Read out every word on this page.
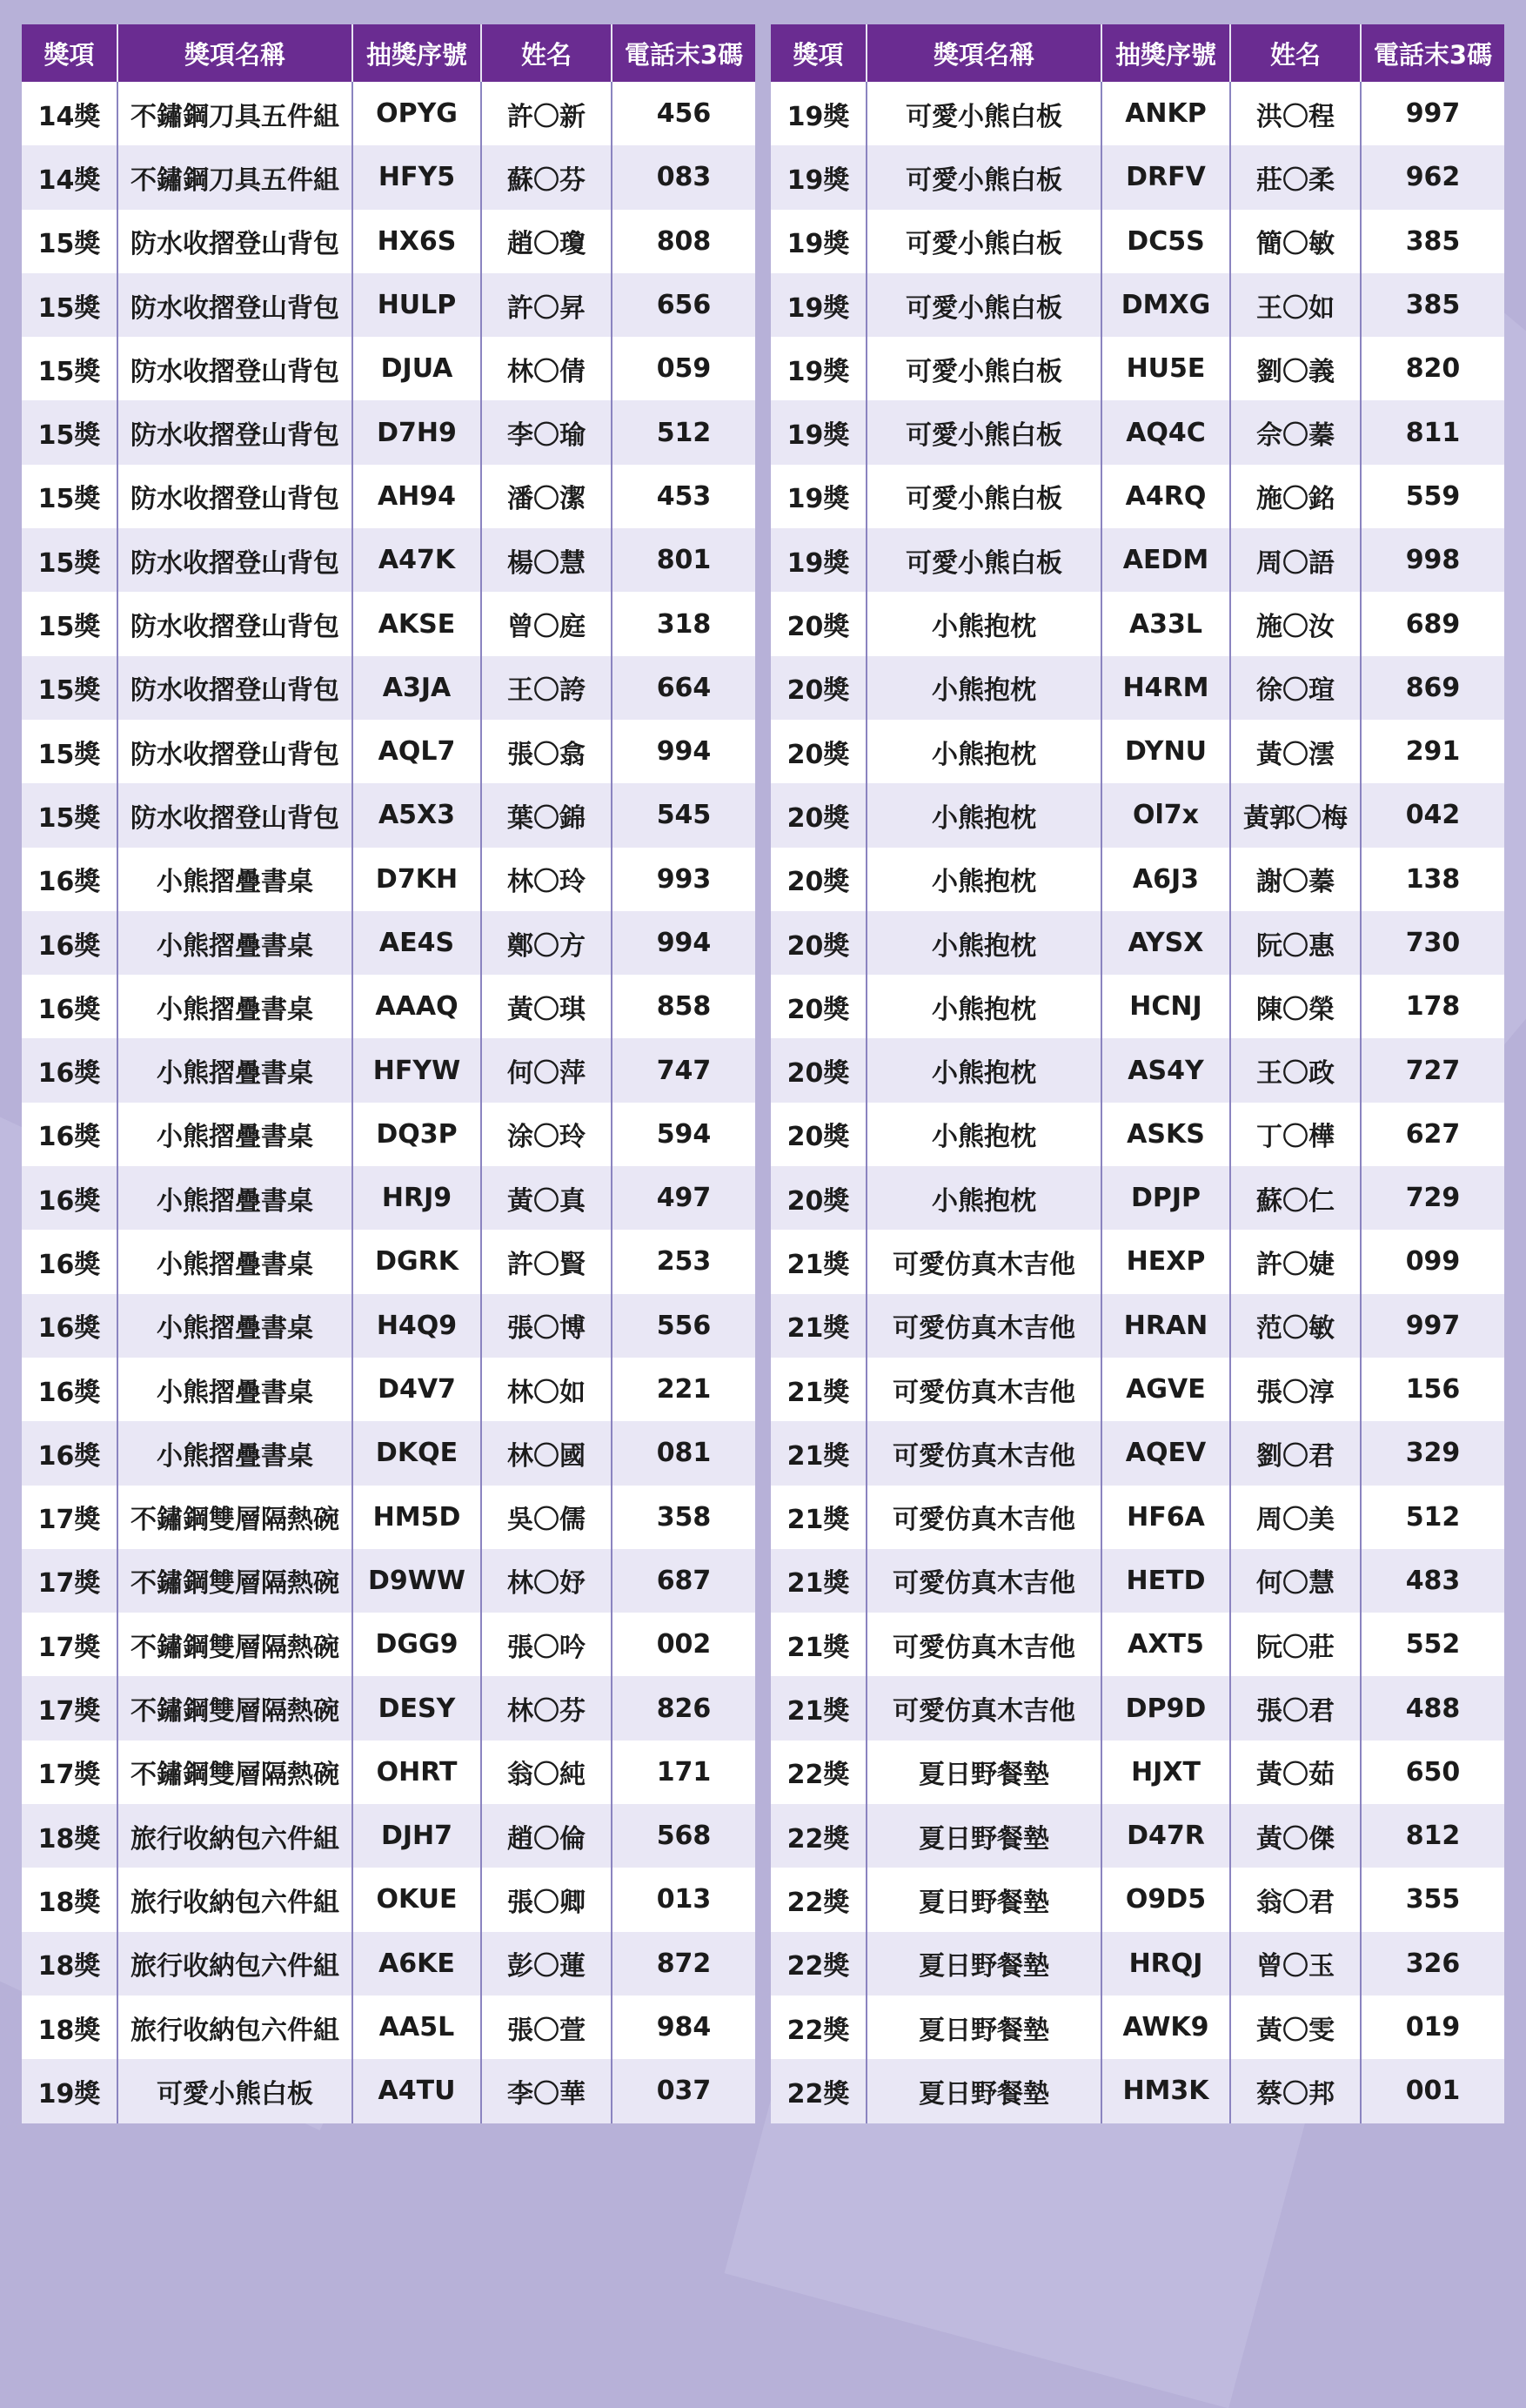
獎項	獎項名稱	抽獎序號	姓名	電話末3碼
14獎	不鏽鋼刀具五件組	OPYG	許〇新	456
14獎	不鏽鋼刀具五件組	HFY5	蘇〇芬	083
15獎	防水收摺登山背包	HX6S	趙〇瓊	808
15獎	防水收摺登山背包	HULP	許〇昇	656
15獎	防水收摺登山背包	DJUA	林〇倩	059
15獎	防水收摺登山背包	D7H9	李〇瑜	512
15獎	防水收摺登山背包	AH94	潘〇潔	453
15獎	防水收摺登山背包	A47K	楊〇慧	801
15獎	防水收摺登山背包	AKSE	曾〇庭	318
15獎	防水收摺登山背包	A3JA	王〇誇	664
15獎	防水收摺登山背包	AQL7	張〇翕	994
15獎	防水收摺登山背包	A5X3	葉〇錦	545
16獎	小熊摺疊書桌	D7KH	林〇玲	993
16獎	小熊摺疊書桌	AE4S	鄭〇方	994
16獎	小熊摺疊書桌	AAAQ	黃〇琪	858
16獎	小熊摺疊書桌	HFYW	何〇萍	747
16獎	小熊摺疊書桌	DQ3P	涂〇玲	594
16獎	小熊摺疊書桌	HRJ9	黃〇真	497
16獎	小熊摺疊書桌	DGRK	許〇賢	253
16獎	小熊摺疊書桌	H4Q9	張〇博	556
16獎	小熊摺疊書桌	D4V7	林〇如	221
16獎	小熊摺疊書桌	DKQE	林〇國	081
17獎	不鏽鋼雙層隔熱碗	HM5D	吳〇儒	358
17獎	不鏽鋼雙層隔熱碗	D9WW	林〇妤	687
17獎	不鏽鋼雙層隔熱碗	DGG9	張〇吟	002
17獎	不鏽鋼雙層隔熱碗	DESY	林〇芬	826
17獎	不鏽鋼雙層隔熱碗	OHRT	翁〇純	171
18獎	旅行收納包六件組	DJH7	趙〇倫	568
18獎	旅行收納包六件組	OKUE	張〇卿	013
18獎	旅行收納包六件組	A6KE	彭〇蓮	872
18獎	旅行收納包六件組	AA5L	張〇萱	984
19獎	可愛小熊白板	A4TU	李〇華	037
獎項	獎項名稱	抽獎序號	姓名	電話末3碼
19獎	可愛小熊白板	ANKP	洪〇程	997
19獎	可愛小熊白板	DRFV	莊〇柔	962
19獎	可愛小熊白板	DC5S	簡〇敏	385
19獎	可愛小熊白板	DMXG	王〇如	385
19獎	可愛小熊白板	HU5E	劉〇義	820
19獎	可愛小熊白板	AQ4C	佘〇蓁	811
19獎	可愛小熊白板	A4RQ	施〇銘	559
19獎	可愛小熊白板	AEDM	周〇語	998
20獎	小熊抱枕	A33L	施〇汝	689
20獎	小熊抱枕	H4RM	徐〇瑄	869
20獎	小熊抱枕	DYNU	黃〇澐	291
20獎	小熊抱枕	Ol7x	黃郭〇梅	042
20獎	小熊抱枕	A6J3	謝〇蓁	138
20獎	小熊抱枕	AYSX	阮〇惠	730
20獎	小熊抱枕	HCNJ	陳〇榮	178
20獎	小熊抱枕	AS4Y	王〇政	727
20獎	小熊抱枕	ASKS	丁〇樺	627
20獎	小熊抱枕	DPJP	蘇〇仁	729
21獎	可愛仿真木吉他	HEXP	許〇婕	099
21獎	可愛仿真木吉他	HRAN	范〇敏	997
21獎	可愛仿真木吉他	AGVE	張〇淳	156
21獎	可愛仿真木吉他	AQEV	劉〇君	329
21獎	可愛仿真木吉他	HF6A	周〇美	512
21獎	可愛仿真木吉他	HETD	何〇慧	483
21獎	可愛仿真木吉他	AXT5	阮〇莊	552
21獎	可愛仿真木吉他	DP9D	張〇君	488
22獎	夏日野餐墊	HJXT	黃〇茹	650
22獎	夏日野餐墊	D47R	黃〇傑	812
22獎	夏日野餐墊	O9D5	翁〇君	355
22獎	夏日野餐墊	HRQJ	曾〇玉	326
22獎	夏日野餐墊	AWK9	黃〇雯	019
22獎	夏日野餐墊	HM3K	蔡〇邦	001
